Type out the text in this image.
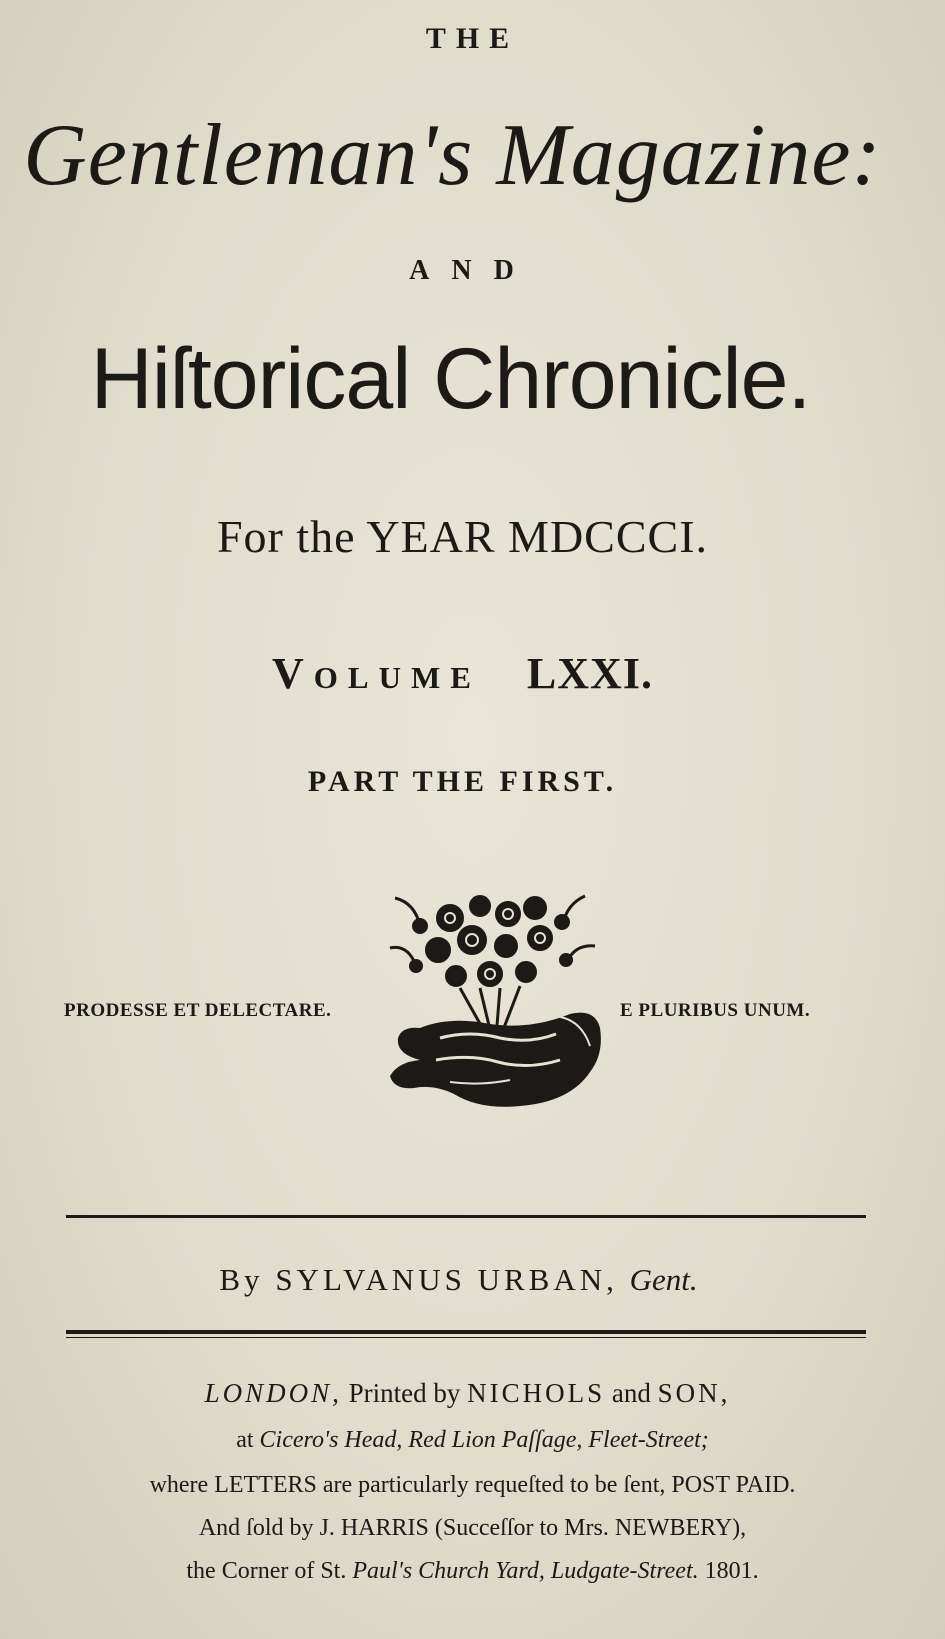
THE
Gentleman's Magazine:
AND
Hiſtorical Chronicle.
For the YEAR MDCCCI.
Volume LXXI.
PART THE FIRST.
PRODESSE ET DELECTARE.	E PLURIBUS UNUM.
By SYLVANUS URBAN, Gent.
LONDON, Printed by NICHOLS and SON,
at Cicero's Head, Red Lion Paſſage, Fleet-Street;
where LETTERS are particularly requeſted to be ſent, POST PAID.
And ſold by J. HARRIS (Succeſſor to Mrs. NEWBERY),
the Corner of St. Paul's Church Yard, Ludgate-Street. 1801.
